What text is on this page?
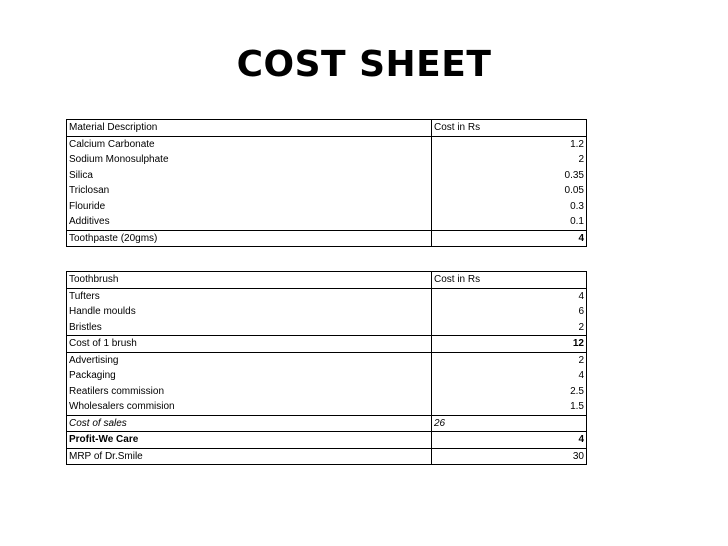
COST SHEET
Material Description	Cost in Rs
Calcium Carbonate	1.2
Sodium Monosulphate	2
Silica	0.35
Triclosan	0.05
Flouride	0.3
Additives	0.1
Toothpaste (20gms)	4
Toothbrush	Cost in Rs
Tufters	4
Handle moulds	6
Bristles	2
Cost of 1 brush	12
Advertising	2
Packaging	4
Reatilers commission	2.5
Wholesalers commision	1.5
Cost of sales	26
Profit-We Care	4
MRP of Dr.Smile	30
